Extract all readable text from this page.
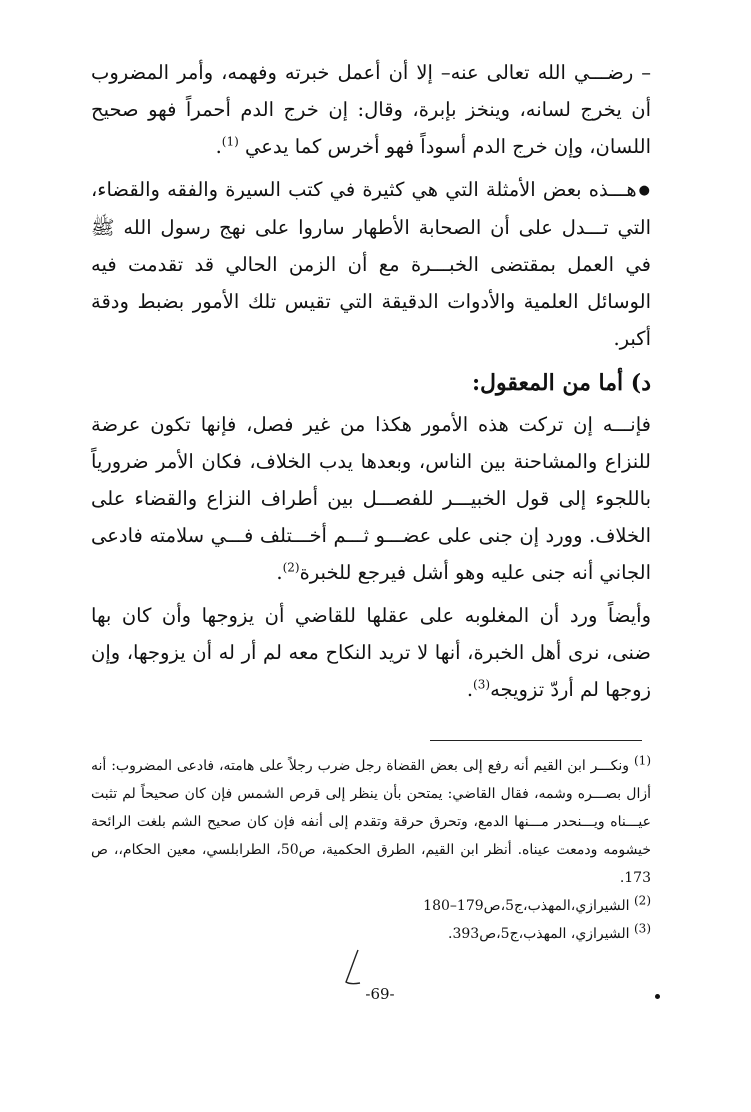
– رضـــي الله تعالى عنه– إلا أن أعمل خبرته وفهمه، وأمر المضروب أن يخرج لسانه، وينخز بإبرة، وقال: إن خرج الدم أحمراً فهو صحيح اللسان، وإن خرج الدم أسوداً فهو أخرس كما يدعي $^{(1)}$.

● هـــذه بعض الأمثلة التي هي كثيرة في كتب السيرة والفقه والقضاء، التي تـــدل على أن الصحابة الأطهار ساروا على نهج رسول الله ﷺ في العمل بمقتضى الخبـــرة مع أن الزمن الحالي قد تقدمت فيه الوسائل العلمية والأدوات الدقيقة التي تقيس تلك الأمور بضبط ودقة أكبر.

د) أما من المعقول:

فإنـــه إن تركت هذه الأمور هكذا من غير فصل، فإنها تكون عرضة للنزاع والمشاحنة بين الناس، وبعدها يدب الخلاف، فكان الأمر ضرورياً باللجوء إلى قول الخبيـــر للفصـــل بين أطراف النزاع والقضاء على الخلاف. وورد إن جنى على عضـــو ثـــم أخـــتلف فـــي سلامته فادعى الجاني أنه جنى عليه وهو أشل فيرجع للخبرة$^{(2)}$.

وأيضاً ورد أن المغلوبه على عقلها للقاضي أن يزوجها وأن كان بها ضنى، نرى أهل الخبرة، أنها لا تريد النكاح معه لم أر له أن يزوجها، وإن زوجها لم أردّ تزويجه$^{(3)}$.

$^{(1)}$ ونكـــر ابن القيم أنه رفع إلى بعض القضاة رجل ضرب رجلاً على هامته، فادعى المضروب: أنه أزال بصـــره وشمه، فقال القاضي: يمتحن بأن ينظر إلى قرص الشمس فإن كان صحيحاً لم تثبت عيـــناه ويـــنحدر مـــنها الدمع، وتحرق حرقة وتقدم إلى أنفه فإن كان صحيح الشم بلغت الرائحة خيشومه ودمعت عيناه. أنظر ابن القيم، الطرق الحكمية، ص50، الطرابلسي، معين الحكام،، ص 173.

$^{(2)}$ الشيرازي،المهذب،ج5،ص179–180

$^{(3)}$ الشيرازي، المهذب،ج5،ص393.

-69-
